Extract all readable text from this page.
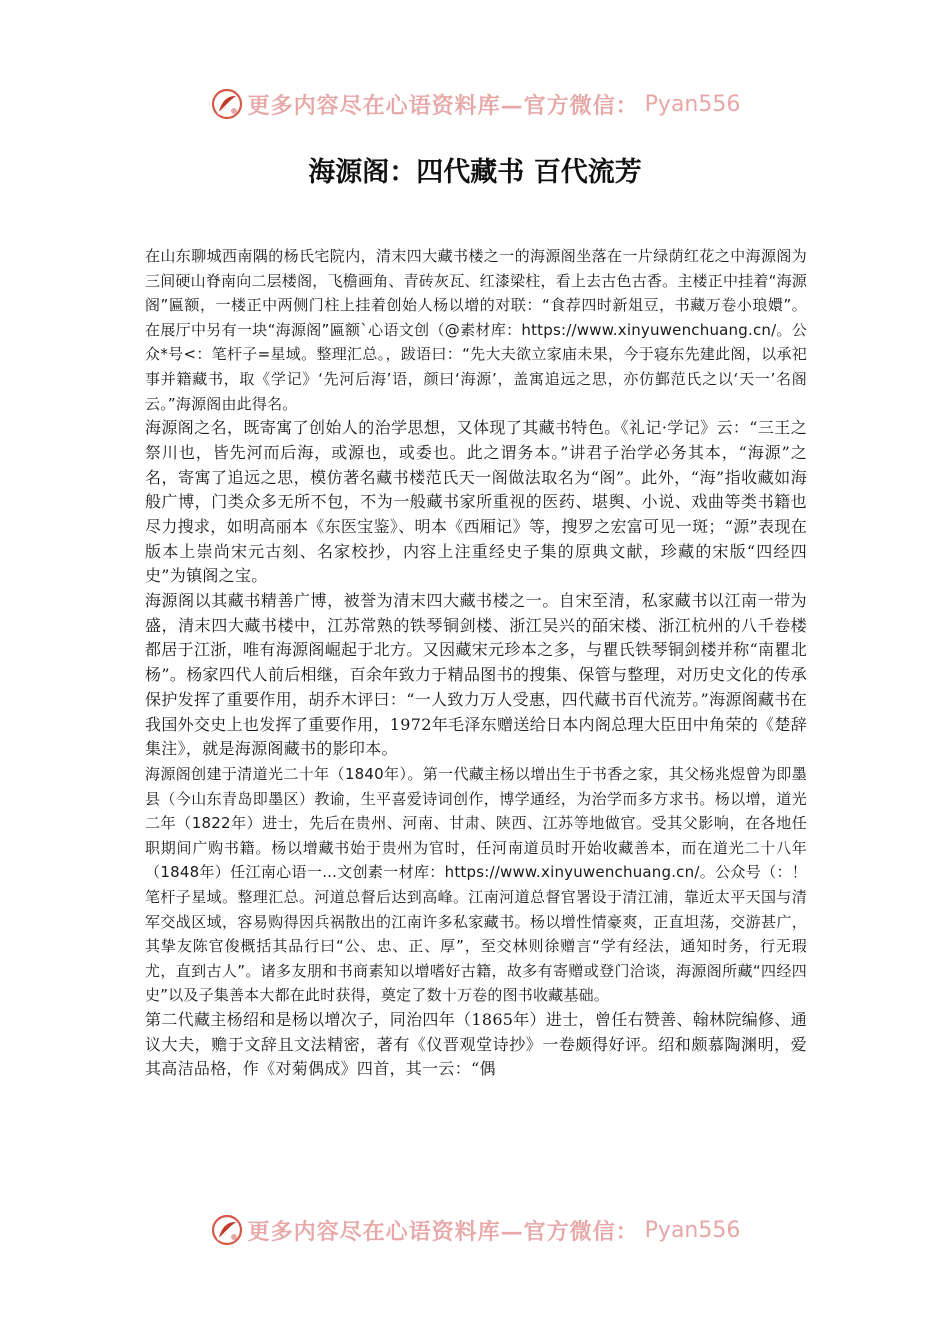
更多内容尽在心语资料库—官方微信： Pyan556
海源阁：四代藏书 百代流芳

在山东聊城西南隅的杨氏宅院内，清末四大藏书楼之一的海源阁坐落在一片绿荫红花之中海源阁为三间硬山脊南向二层楼阁，飞檐画角、青砖灰瓦、红漆梁柱，看上去古色古香。主楼正中挂着“海源阁”匾额，一楼正中两侧门柱上挂着创始人杨以增的对联：“食荐四时新俎豆，书藏万卷小琅嬛”。在展厅中另有一块“海源阁”匾额`心语文创（@素材库：https://www.xinyuwenchuang.cn/。公众*号<：笔杆子=星域。整理汇总。，跋语曰：“先大夫欲立家庙未果，今于寝东先建此阁，以承祀事并籍藏书，取《学记》‘先河后海’语，颜曰‘海源’，盖寓追远之思，亦仿鄞范氏之以‘天一’名阁云。”海源阁由此得名。

海源阁之名，既寄寓了创始人的治学思想，又体现了其藏书特色。《礼记·学记》云：“三王之祭川也，皆先河而后海，或源也，或委也。此之谓务本。”讲君子治学必务其本，“海源”之名，寄寓了追远之思，模仿著名藏书楼范氏天一阁做法取名为“阁”。此外，“海”指收藏如海般广博，门类众多无所不包，不为一般藏书家所重视的医药、堪舆、小说、戏曲等类书籍也尽力搜求，如明高丽本《东医宝鉴》、明本《西厢记》等，搜罗之宏富可见一斑；“源”表现在版本上崇尚宋元古刻、名家校抄，内容上注重经史子集的原典文献，珍藏的宋版“四经四史”为镇阁之宝。

海源阁以其藏书精善广博，被誉为清末四大藏书楼之一。自宋至清，私家藏书以江南一带为盛，清末四大藏书楼中，江苏常熟的铁琴铜剑楼、浙江吴兴的皕宋楼、浙江杭州的八千卷楼都居于江浙，唯有海源阁崛起于北方。又因藏宋元珍本之多，与瞿氏铁琴铜剑楼并称“南瞿北杨”。杨家四代人前后相继，百余年致力于精品图书的搜集、保管与整理，对历史文化的传承保护发挥了重要作用，胡乔木评曰：“一人致力万人受惠，四代藏书百代流芳。”海源阁藏书在我国外交史上也发挥了重要作用，1972年毛泽东赠送给日本内阁总理大臣田中角荣的《楚辞集注》，就是海源阁藏书的影印本。

海源阁创建于清道光二十年（1840年）。第一代藏主杨以增出生于书香之家，其父杨兆煜曾为即墨县（今山东青岛即墨区）教谕，生平喜爱诗词创作，博学通经，为治学而多方求书。杨以增，道光二年（1822年）进士，先后在贵州、河南、甘肃、陕西、江苏等地做官。受其父影响，在各地任职期间广购书籍。杨以增藏书始于贵州为官时，任河南道员时开始收藏善本，而在道光二十八年（1848年）任江南心语一...文创素一材库：https://www.xinyuwenchuang.cn/。公众号（：！笔杆子星域。整理汇总。河道总督后达到高峰。江南河道总督官署设于清江浦，靠近太平天国与清军交战区域，容易购得因兵祸散出的江南许多私家藏书。杨以增性情豪爽，正直坦荡，交游甚广，其挚友陈官俊概括其品行曰“公、忠、正、厚”，至交林则徐赠言“学有经法，通知时务，行无瑕尤，直到古人”。诸多友朋和书商素知以增嗜好古籍，故多有寄赠或登门洽谈，海源阁所藏“四经四史”以及子集善本大都在此时获得，奠定了数十万卷的图书收藏基础。

第二代藏主杨绍和是杨以增次子，同治四年（1865年）进士，曾任右赞善、翰林院编修、通议大夫，赡于文辞且文法精密，著有《仪晋观堂诗抄》一卷颇得好评。绍和颇慕陶渊明，爱其高洁品格，作《对菊偶成》四首，其一云：“偶

更多内容尽在心语资料库—官方微信： Pyan556
